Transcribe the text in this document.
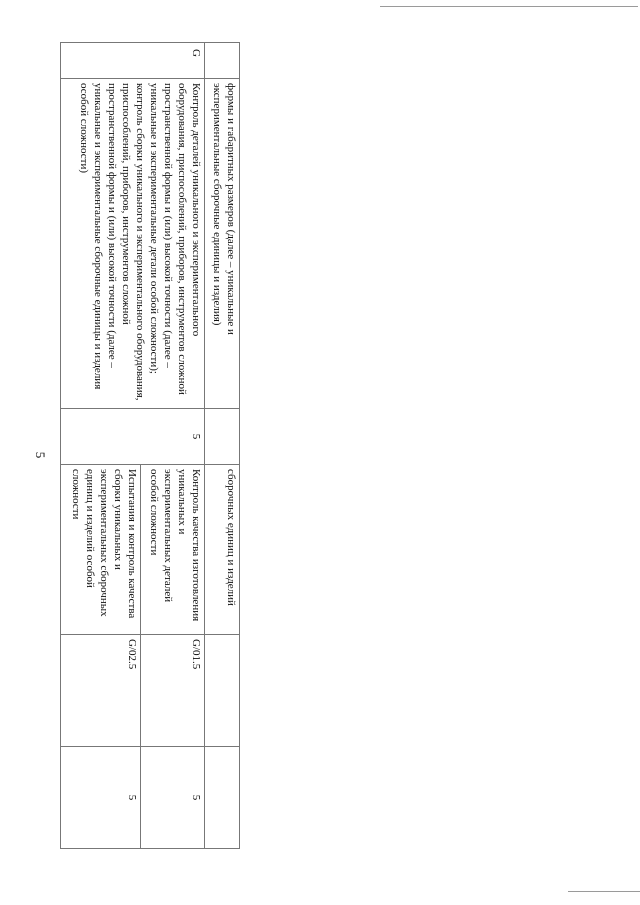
5
	формы и габаритных размеров (далее – уникальные и экспериментальные сборочные единицы и изделия)		сборочных единиц и изделий		
G	Контроль деталей уникального и экспериментального оборудования, приспособлений, приборов, инструментов сложной пространственной формы и (или) высокой точности (далее – уникальные и экспериментальные детали особой сложности); контроль сборки уникального и экспериментального оборудования, приспособлений, приборов, инструментов сложной пространственной формы и (или) высокой точности (далее – уникальные и экспериментальные сборочные единицы и изделия особой сложности)	5	Контроль качества изготовления уникальных и экспериментальных деталей особой сложности	G/01.5	5
			Испытания и контроль качества сборки уникальных и экспериментальных сборочных единиц и изделий особой сложности	G/02.5	5
